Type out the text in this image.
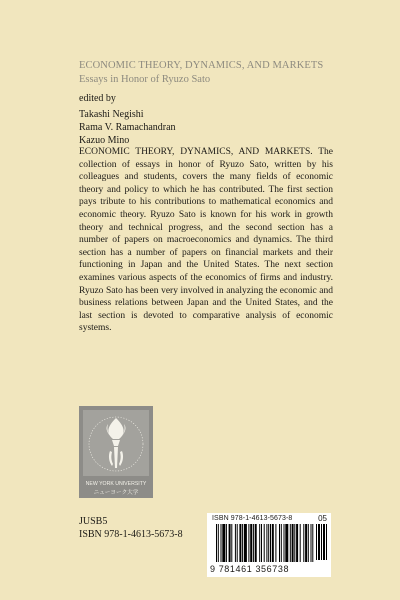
ECONOMIC THEORY, DYNAMICS, AND MARKETS
Essays in Honor of Ryuzo Sato
edited by
Takashi Negishi
Rama V. Ramachandran
Kazuo Mino

ECONOMIC THEORY, DYNAMICS, AND MARKETS. The collection of essays in honor of Ryuzo Sato, written by his colleagues and students, covers the many fields of economic theory and policy to which he has contributed. The first section pays tribute to his contributions to mathematical economics and economic theory. Ryuzo Sato is known for his work in growth theory and technical progress, and the second section has a number of papers on macroeconomics and dynamics. The third section has a number of papers on financial markets and their functioning in Japan and the United States. The next section examines various aspects of the economics of firms and industry. Ryuzo Sato has been very involved in analyzing the economic and business relations between Japan and the United States, and the last section is devoted to comparative analysis of economic systems.

NEW YORK UNIVERSITY
ニューヨーク大学
JUSB5
ISBN 978-1-4613-5673-8
ISBN 978-1-4613-5673-8	05
9 781461 356738
